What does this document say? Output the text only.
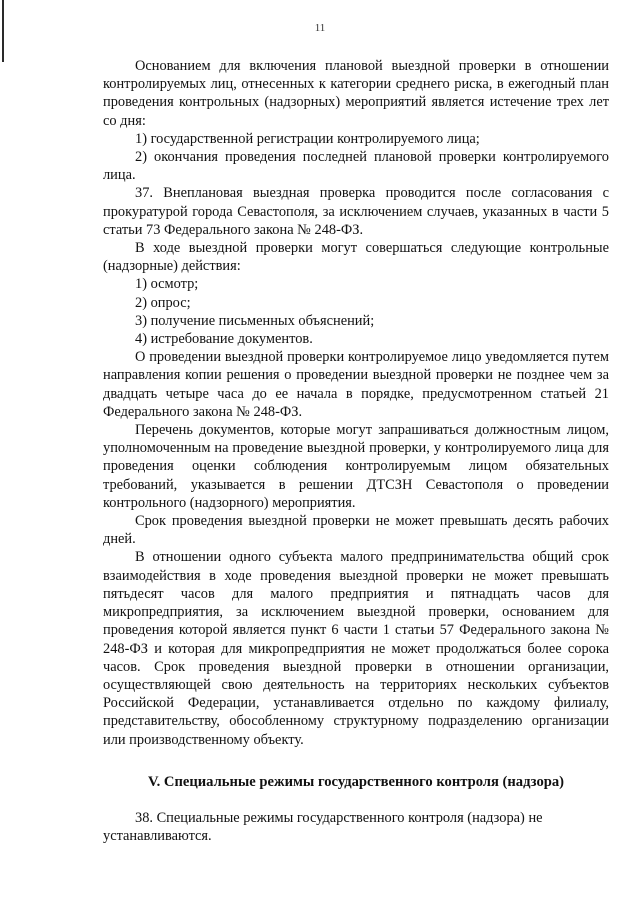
11

Основанием для включения плановой выездной проверки в отношении контролируемых лиц, отнесенных к категории среднего риска, в ежегодный план проведения контрольных (надзорных) мероприятий является истечение трех лет со дня:

1) государственной регистрации контролируемого лица;

2) окончания проведения последней плановой проверки контролируемого лица.

37. Внеплановая выездная проверка проводится после согласования с прокуратурой города Севастополя, за исключением случаев, указанных в части 5 статьи 73 Федерального закона № 248-ФЗ.

В ходе выездной проверки могут совершаться следующие контрольные (надзорные) действия:

1) осмотр;

2) опрос;

3) получение письменных объяснений;

4) истребование документов.

О проведении выездной проверки контролируемое лицо уведомляется путем направления копии решения о проведении выездной проверки не позднее чем за двадцать четыре часа до ее начала в порядке, предусмотренном статьей 21 Федерального закона № 248-ФЗ.

Перечень документов, которые могут запрашиваться должностным лицом, уполномоченным на проведение выездной проверки, у контролируемого лица для проведения оценки соблюдения контролируемым лицом обязательных требований, указывается в решении ДТСЗН Севастополя о проведении контрольного (надзорного) мероприятия.

Срок проведения выездной проверки не может превышать десять рабочих дней.

В отношении одного субъекта малого предпринимательства общий срок взаимодействия в ходе проведения выездной проверки не может превышать пятьдесят часов для малого предприятия и пятнадцать часов для микропредприятия, за исключением выездной проверки, основанием для проведения которой является пункт 6 части 1 статьи 57 Федерального закона № 248-ФЗ и которая для микропредприятия не может продолжаться более сорока часов. Срок проведения выездной проверки в отношении организации, осуществляющей свою деятельность на территориях нескольких субъектов Российской Федерации, устанавливается отдельно по каждому филиалу, представительству, обособленному структурному подразделению организации или производственному объекту.

V. Специальные режимы государственного контроля (надзора)

38. Специальные режимы государственного контроля (надзора) не устанавливаются.
